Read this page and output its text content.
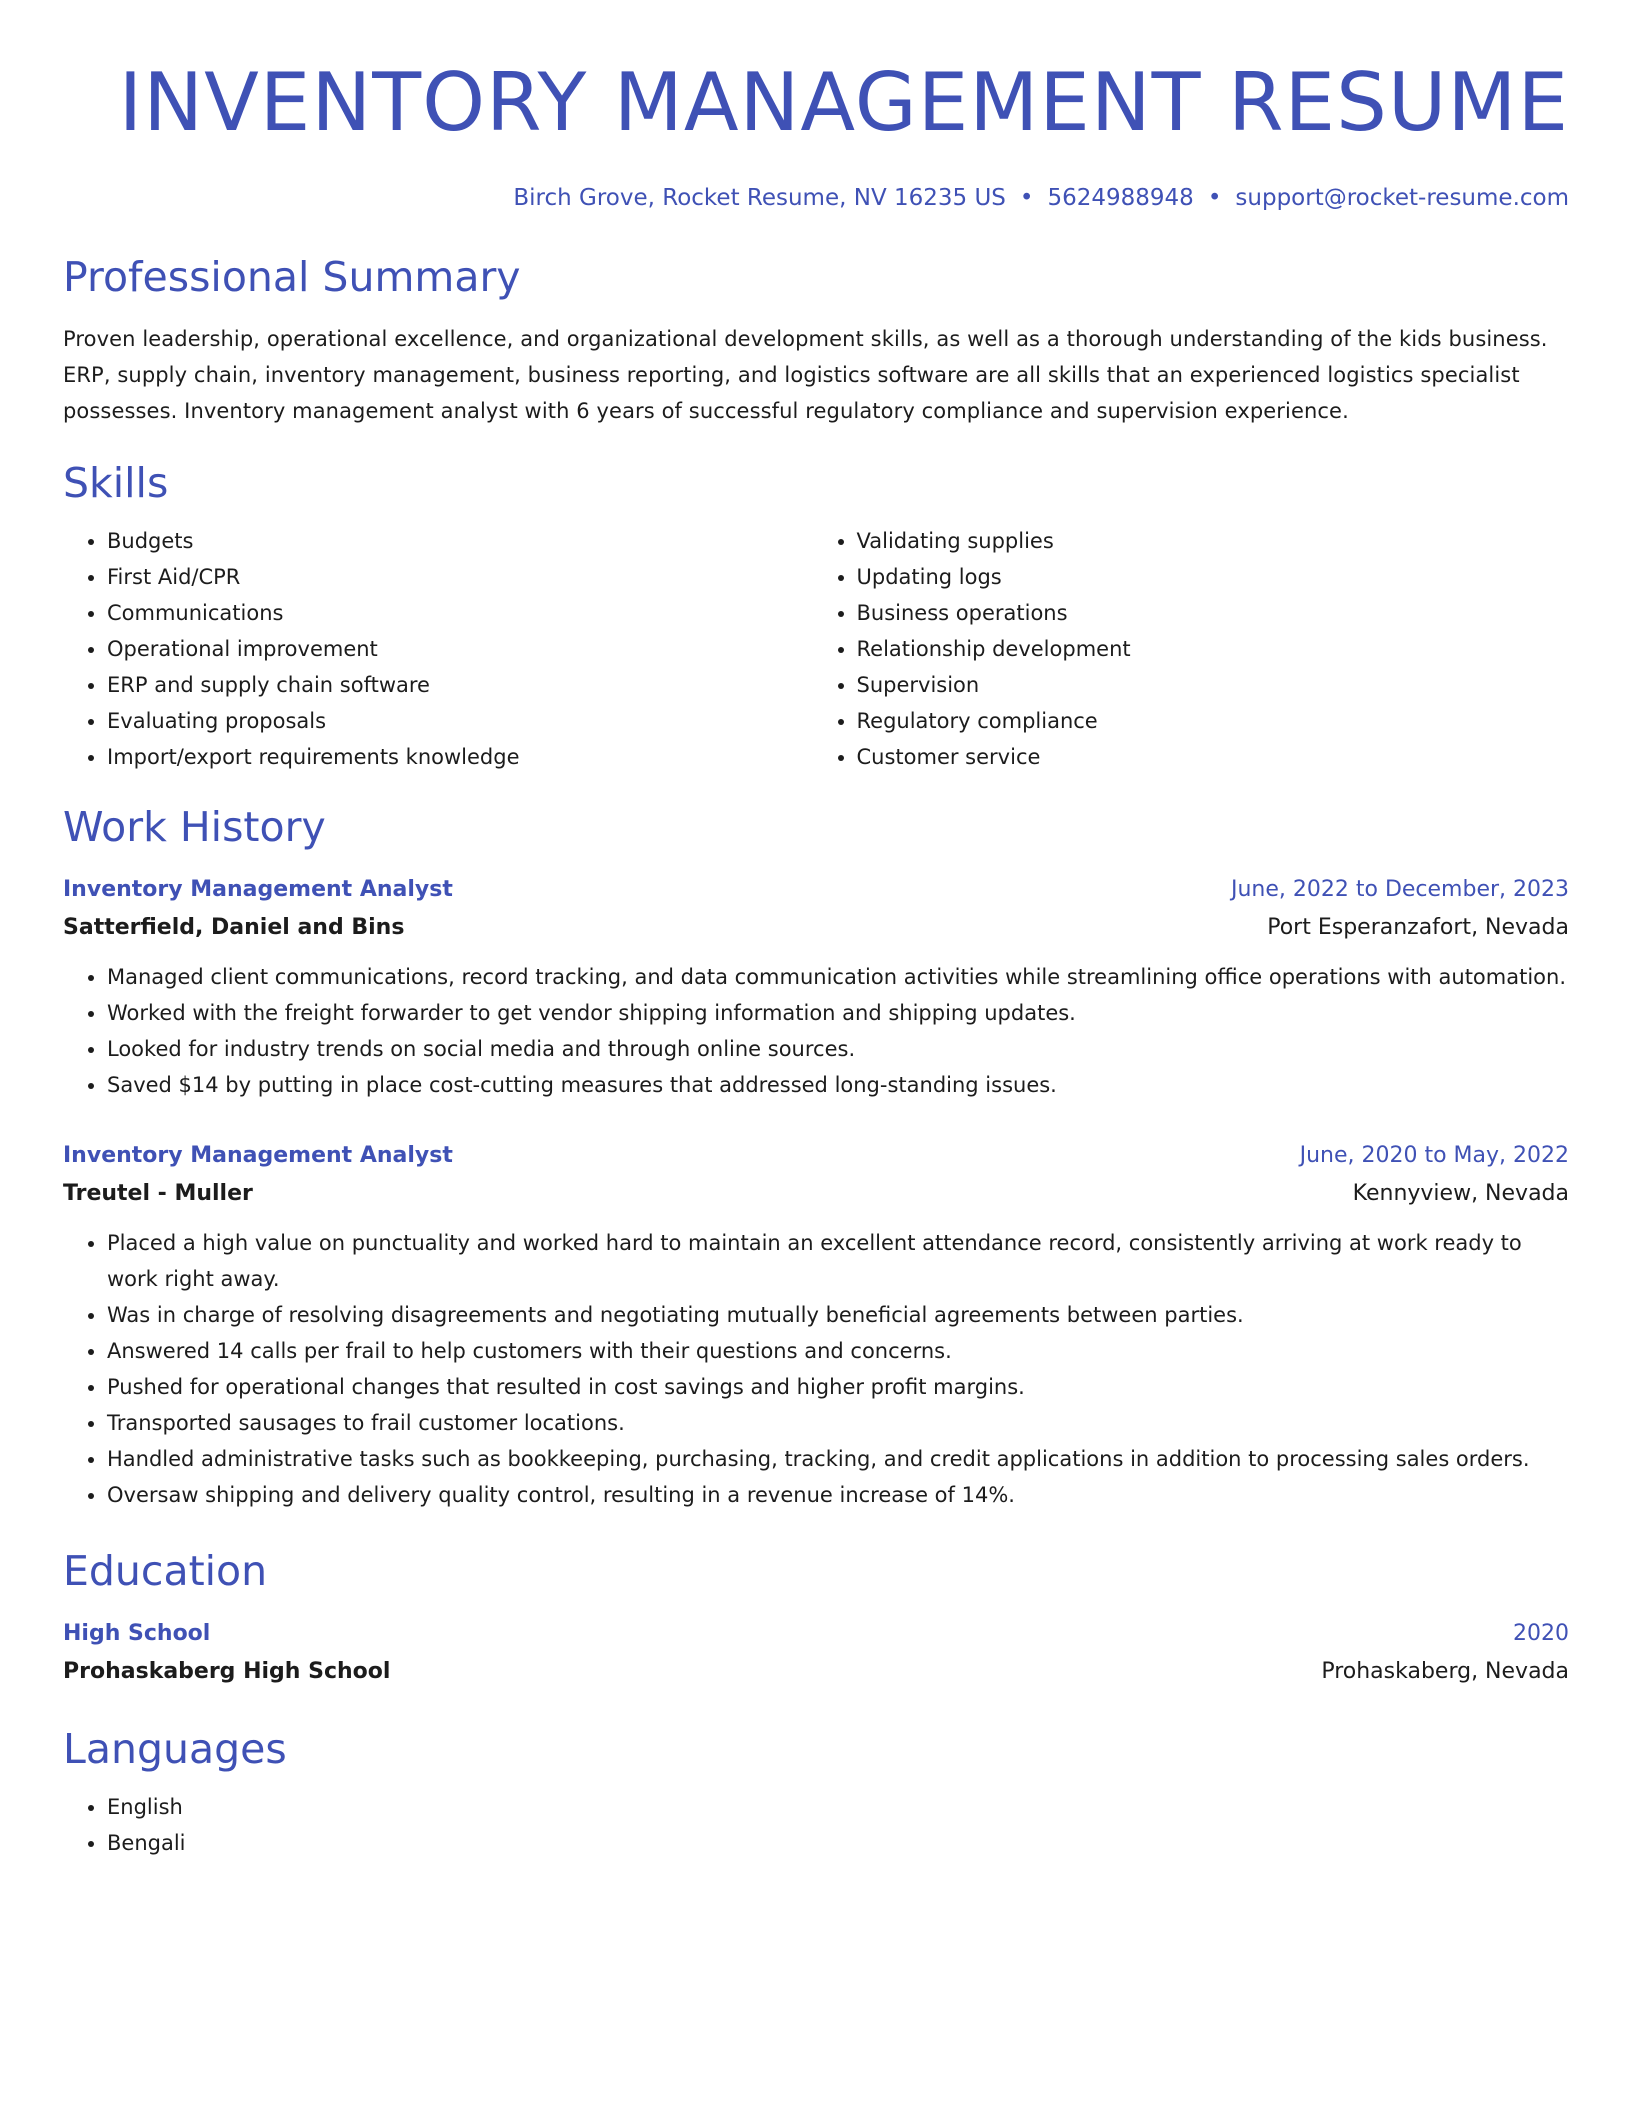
INVENTORY MANAGEMENT RESUME
Birch Grove, Rocket Resume, NV 16235 US • 5624988948 • support@rocket-resume.com
Professional Summary
Proven leadership, operational excellence, and organizational development skills, as well as a thorough understanding of the kids business. ERP, supply chain, inventory management, business reporting, and logistics software are all skills that an experienced logistics specialist possesses. Inventory management analyst with 6 years of successful regulatory compliance and supervision experience.
Skills
• Budgets
• First Aid/CPR
• Communications
• Operational improvement
• ERP and supply chain software
• Evaluating proposals
• Import/export requirements knowledge
• Validating supplies
• Updating logs
• Business operations
• Relationship development
• Supervision
• Regulatory compliance
• Customer service
Work History
Inventory Management Analyst	June, 2022 to December, 2023
Satterfield, Daniel and Bins	Port Esperanzafort, Nevada
• Managed client communications, record tracking, and data communication activities while streamlining office operations with automation.
• Worked with the freight forwarder to get vendor shipping information and shipping updates.
• Looked for industry trends on social media and through online sources.
• Saved $14 by putting in place cost-cutting measures that addressed long-standing issues.
Inventory Management Analyst	June, 2020 to May, 2022
Treutel - Muller	Kennyview, Nevada
• Placed a high value on punctuality and worked hard to maintain an excellent attendance record, consistently arriving at work ready to work right away.
• Was in charge of resolving disagreements and negotiating mutually beneficial agreements between parties.
• Answered 14 calls per frail to help customers with their questions and concerns.
• Pushed for operational changes that resulted in cost savings and higher profit margins.
• Transported sausages to frail customer locations.
• Handled administrative tasks such as bookkeeping, purchasing, tracking, and credit applications in addition to processing sales orders.
• Oversaw shipping and delivery quality control, resulting in a revenue increase of 14%.
Education
High School	2020
Prohaskaberg High School	Prohaskaberg, Nevada
Languages
• English
• Bengali
